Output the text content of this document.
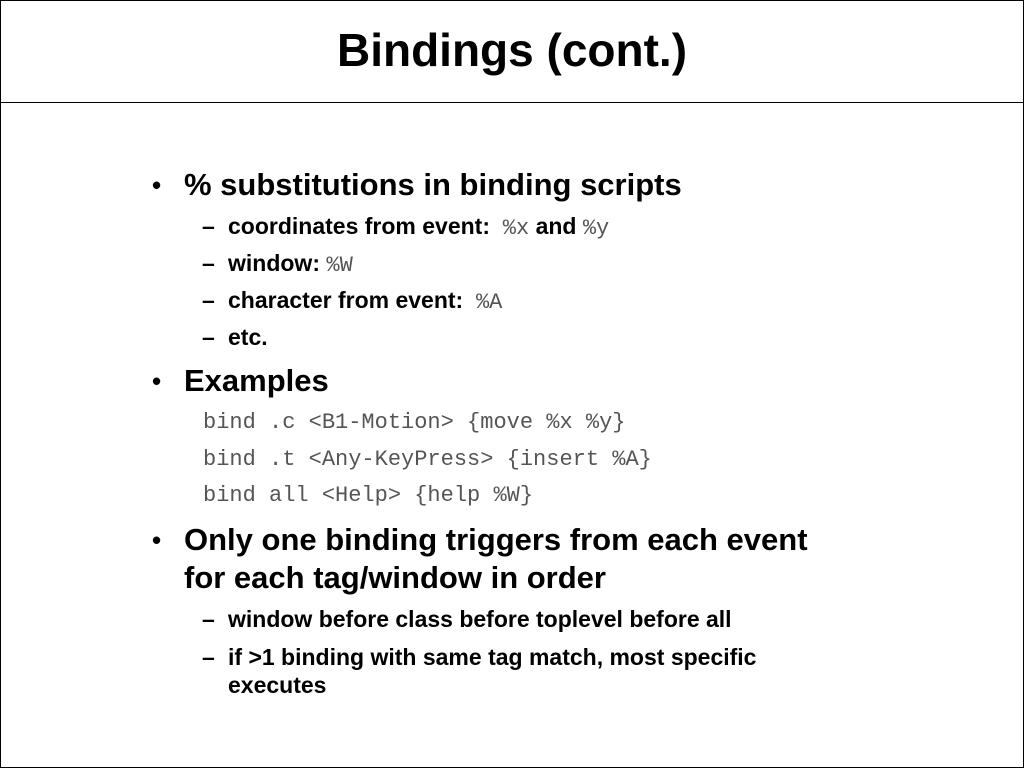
Bindings (cont.)
• % substitutions in binding scripts
– coordinates from event: %x and %y
– window: %W
– character from event: %A
– etc.
• Examples
bind .c <B1-Motion> {move %x %y}
bind .t <Any-KeyPress> {insert %A}
bind all <Help> {help %W}
• Only one binding triggers from each event
for each tag/window in order
– window before class before toplevel before all
– if >1 binding with same tag match, most specific
executes
